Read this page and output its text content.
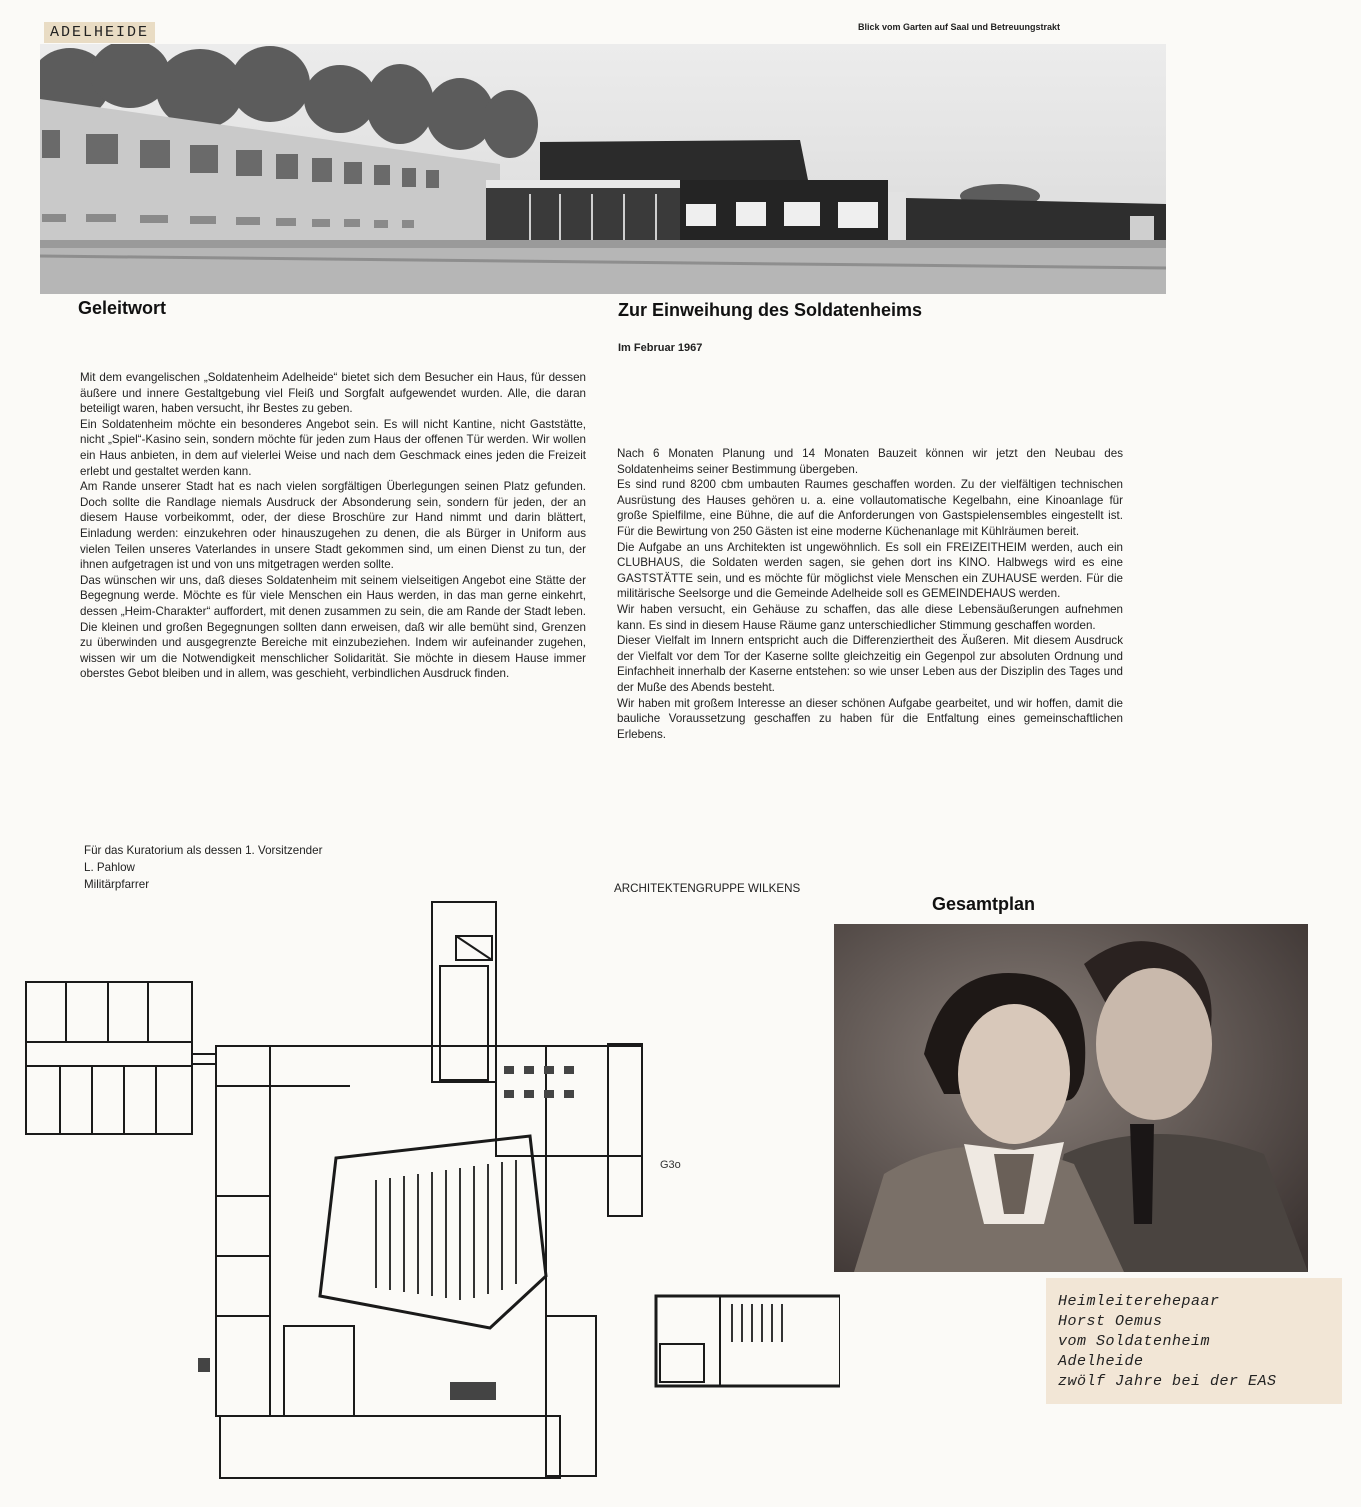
ADELHEIDE	Blick vom Garten auf Saal und Betreuungstrakt
Geleitwort

Mit dem evangelischen „Soldatenheim Adelheide“ bietet sich dem Besucher ein Haus, für dessen äußere und innere Gestaltgebung viel Fleiß und Sorgfalt aufgewendet wurden. Alle, die daran beteiligt waren, haben versucht, ihr Bestes zu geben.

Ein Soldatenheim möchte ein besonderes Angebot sein. Es will nicht Kantine, nicht Gaststätte, nicht „Spiel“-Kasino sein, sondern möchte für jeden zum Haus der offenen Tür werden. Wir wollen ein Haus anbieten, in dem auf vielerlei Weise und nach dem Geschmack eines jeden die Freizeit erlebt und gestaltet werden kann.

Am Rande unserer Stadt hat es nach vielen sorgfältigen Überlegungen seinen Platz gefunden. Doch sollte die Randlage niemals Ausdruck der Absonderung sein, sondern für jeden, der an diesem Hause vorbeikommt, oder, der diese Broschüre zur Hand nimmt und darin blättert, Einladung werden: einzukehren oder hinauszugehen zu denen, die als Bürger in Uniform aus vielen Teilen unseres Vaterlandes in unsere Stadt gekommen sind, um einen Dienst zu tun, der ihnen aufgetragen ist und von uns mitgetragen werden sollte.

Das wünschen wir uns, daß dieses Soldatenheim mit seinem vielseitigen Angebot eine Stätte der Begegnung werde. Möchte es für viele Menschen ein Haus werden, in das man gerne einkehrt, dessen „Heim-Charakter“ auffordert, mit denen zusammen zu sein, die am Rande der Stadt leben. Die kleinen und großen Begegnungen sollten dann erweisen, daß wir alle bemüht sind, Grenzen zu überwinden und ausgegrenzte Bereiche mit einzubeziehen. Indem wir aufeinander zugehen, wissen wir um die Notwendigkeit menschlicher Solidarität. Sie möchte in diesem Hause immer oberstes Gebot bleiben und in allem, was geschieht, verbindlichen Ausdruck finden.

Für das Kuratorium als dessen 1. Vorsitzender
L. Pahlow
Militärpfarrer
Zur Einweihung des Soldatenheims
Im Februar 1967

Nach 6 Monaten Planung und 14 Monaten Bauzeit können wir jetzt den Neubau des Soldatenheims seiner Bestimmung übergeben.

Es sind rund 8200 cbm umbauten Raumes geschaffen worden. Zu der vielfältigen technischen Ausrüstung des Hauses gehören u. a. eine vollautomatische Kegelbahn, eine Kinoanlage für große Spielfilme, eine Bühne, die auf die Anforderungen von Gastspielensembles eingestellt ist. Für die Bewirtung von 250 Gästen ist eine moderne Küchenanlage mit Kühlräumen bereit.

Die Aufgabe an uns Architekten ist ungewöhnlich. Es soll ein FREIZEITHEIM werden, auch ein CLUBHAUS, die Soldaten werden sagen, sie gehen dort ins KINO. Halbwegs wird es eine GASTSTÄTTE sein, und es möchte für möglichst viele Menschen ein ZUHAUSE werden. Für die militärische Seelsorge und die Gemeinde Adelheide soll es GEMEINDEHAUS werden.

Wir haben versucht, ein Gehäuse zu schaffen, das alle diese Lebensäußerungen aufnehmen kann. Es sind in diesem Hause Räume ganz unterschiedlicher Stimmung geschaffen worden.

Dieser Vielfalt im Innern entspricht auch die Differenziertheit des Äußeren. Mit diesem Ausdruck der Vielfalt vor dem Tor der Kaserne sollte gleichzeitig ein Gegenpol zur absoluten Ordnung und Einfachheit innerhalb der Kaserne entstehen: so wie unser Leben aus der Disziplin des Tages und der Muße des Abends besteht.

Wir haben mit großem Interesse an dieser schönen Aufgabe gearbeitet, und wir hoffen, damit die bauliche Voraussetzung geschaffen zu haben für die Entfaltung eines gemeinschaftlichen Erlebens.

ARCHITEKTENGRUPPE WILKENS
Gesamtplan
G3o
Heimleiterehepaar
Horst Oemus
vom Soldatenheim
Adelheide
zwölf Jahre bei der EAS
